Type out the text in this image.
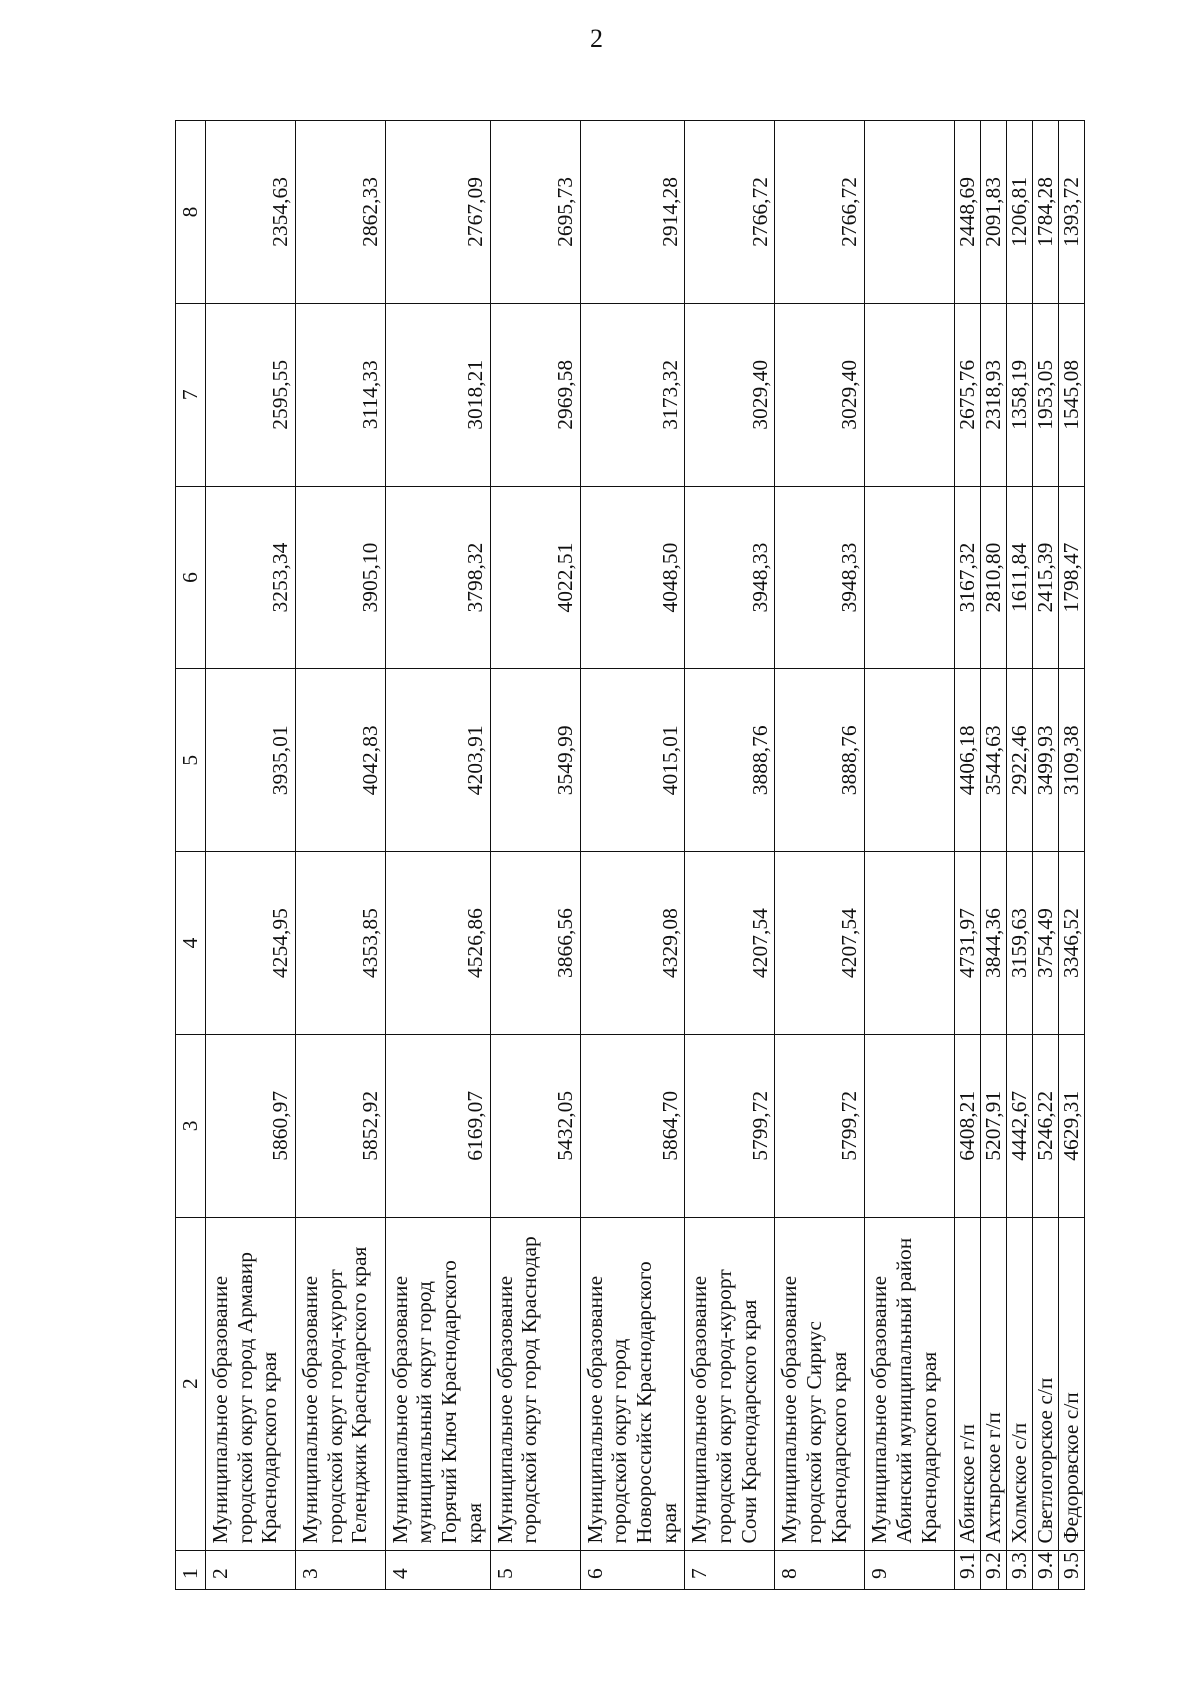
2
1	2	3	4	5	6	7	8
2	Муниципальное образование городской округ город Армавир Краснодарского края	5860,97	4254,95	3935,01	3253,34	2595,55	2354,63
3	Муниципальное образование городской округ город-курорт Геленджик Краснодарского края	5852,92	4353,85	4042,83	3905,10	3114,33	2862,33
4	Муниципальное образование муниципальный округ город Горячий Ключ Краснодарского края	6169,07	4526,86	4203,91	3798,32	3018,21	2767,09
5	Муниципальное образование городской округ город Краснодар	5432,05	3866,56	3549,99	4022,51	2969,58	2695,73
6	Муниципальное образование городской округ город Новороссийск Краснодарского края	5864,70	4329,08	4015,01	4048,50	3173,32	2914,28
7	Муниципальное образование городской округ город-курорт Сочи Краснодарского края	5799,72	4207,54	3888,76	3948,33	3029,40	2766,72
8	Муниципальное образование городской округ Сириус Краснодарского края	5799,72	4207,54	3888,76	3948,33	3029,40	2766,72
9	Муниципальное образование Абинский муниципальный район Краснодарского края						
9.1	Абинское г/п	6408,21	4731,97	4406,18	3167,32	2675,76	2448,69
9.2	Ахтырское г/п	5207,91	3844,36	3544,63	2810,80	2318,93	2091,83
9.3	Холмское с/п	4442,67	3159,63	2922,46	1611,84	1358,19	1206,81
9.4	Светлогорское с/п	5246,22	3754,49	3499,93	2415,39	1953,05	1784,28
9.5	Федоровское с/п	4629,31	3346,52	3109,38	1798,47	1545,08	1393,72
